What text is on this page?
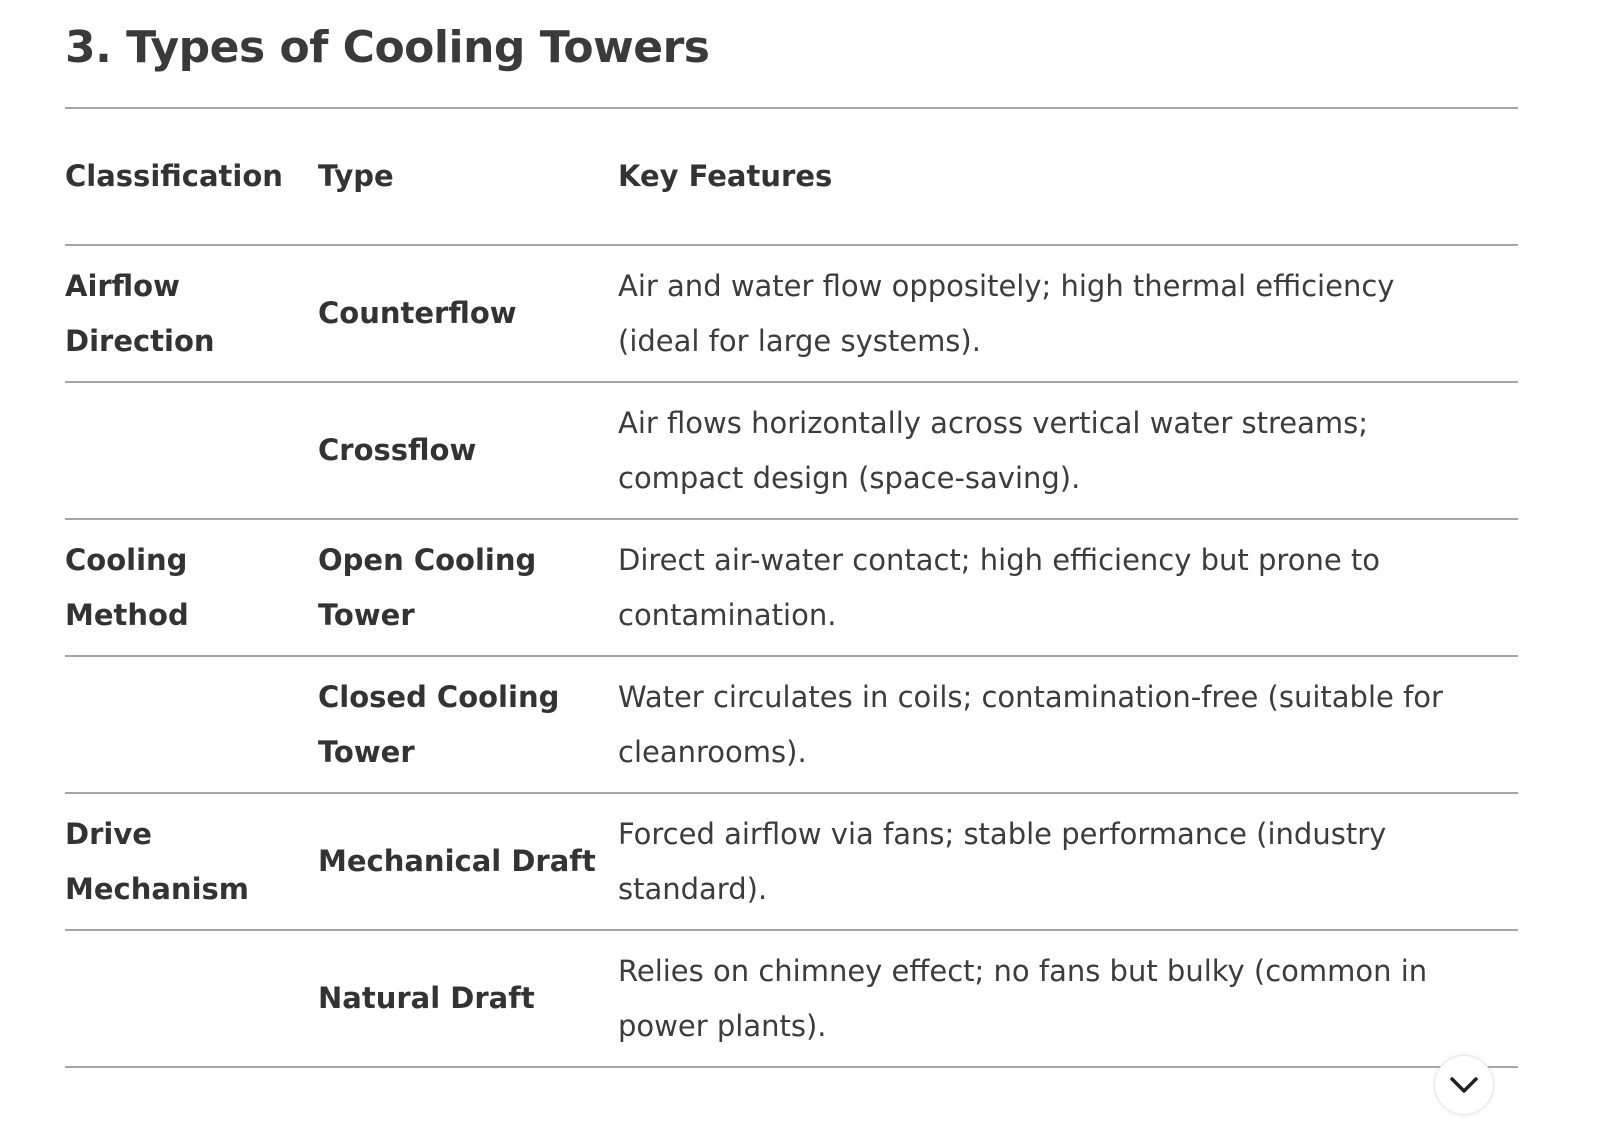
3. Types of Cooling Towers
Classification	Type	Key Features
Airflow Direction	Counterflow	Air and water flow oppositely; high thermal efficiency (ideal for large systems).
	Crossflow	Air flows horizontally across vertical water streams; compact design (space-saving).
Cooling Method	Open Cooling Tower	Direct air-water contact; high efficiency but prone to contamination.
	Closed Cooling Tower	Water circulates in coils; contamination-free (suitable for cleanrooms).
Drive Mechanism	Mechanical Draft	Forced airflow via fans; stable performance (industry standard).
	Natural Draft	Relies on chimney effect; no fans but bulky (common in power plants).
